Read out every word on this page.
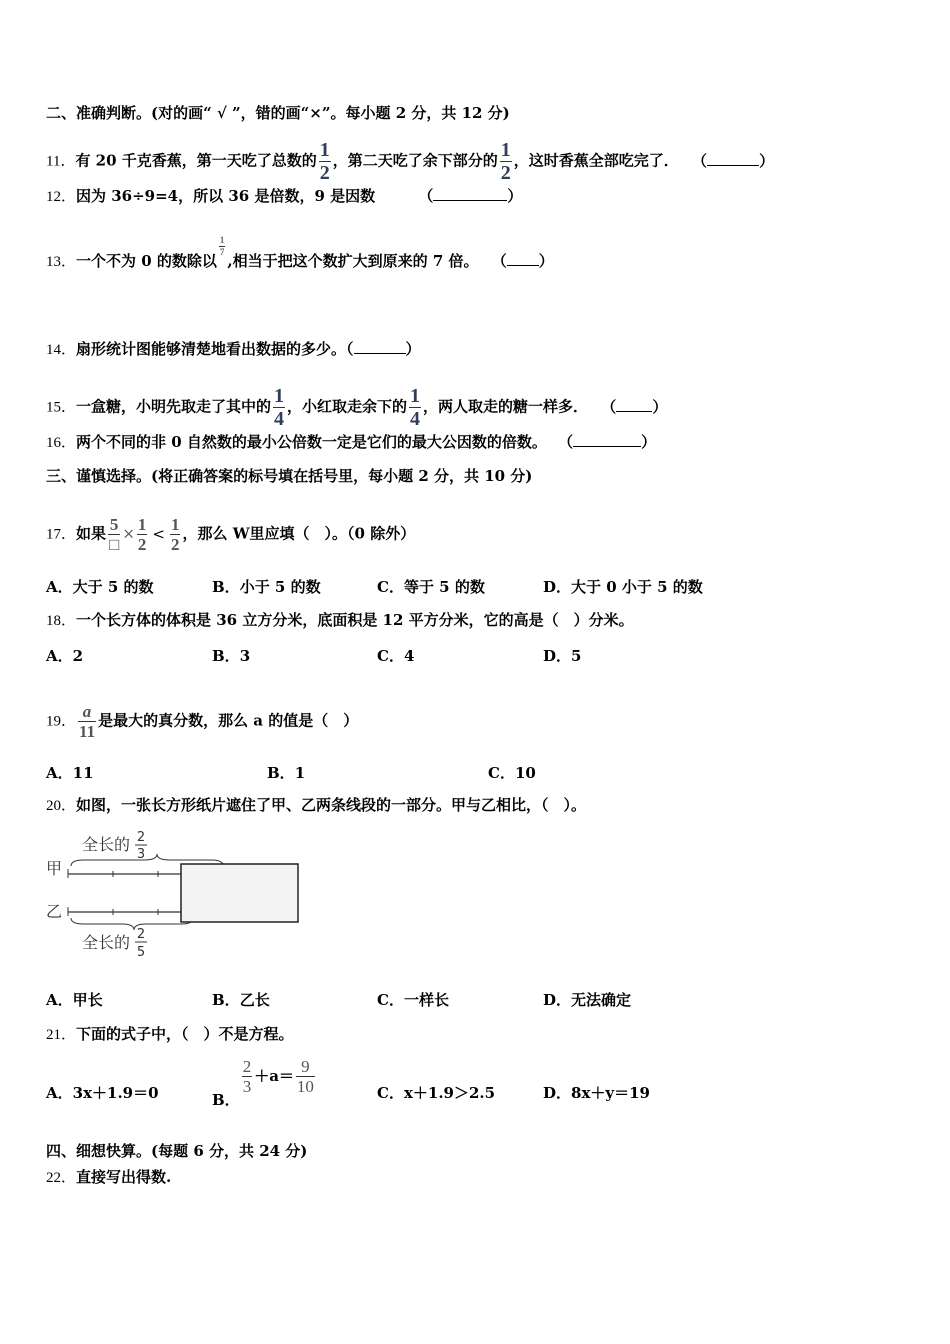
二、准确判断。(对的画“ √ ”，错的画“×”。每小题 2 分，共 12 分)
11．有 20 千克香蕉，第一天吃了总数的 $\frac{1}{2}$ ，第二天吃了余下部分的 $\frac{1}{2}$ ，这时香蕉全部吃完了． （	）
12．因为 36÷9=4，所以 36 是倍数，9 是因数	（	）
13．一个不为 0 的数除以
$\frac{1}{7}$
,相当于把这个数扩大到原来的 7 倍。 （ ）
14．扇形统计图能够清楚地看出数据的多少。（	）
15．一盒糖，小明先取走了其中的 $\frac{1}{4}$ ，小红取走余下的 $\frac{1}{4}$ ，两人取走的糖一样多． （ ）
16．两个不同的非 0 自然数的最小公倍数一定是它们的最大公因数的倍数。 （	）
三、谨慎选择。(将正确答案的标号填在括号里，每小题 2 分，共 10 分)
17．如果 $\frac{5}{□} \times \frac{1}{2} < \frac{1}{2}$ ，那么 W里应填（　）。（0 除外）
A．大于 5 的数	B．小于 5 的数	C．等于 5 的数	D．大于 0 小于 5 的数
18．一个长方体的体积是 36 立方分米，底面积是 12 平方分米，它的高是（　）分米。
A．2	B．3	C．4	D．5
19． $\frac{a}{11}$ 是最大的真分数，那么 a 的值是（　）
A．11	B．1	C．10
20．如图，一张长方形纸片遮住了甲、乙两条线段的一部分。甲与乙相比，（　）。
全长的 2
3
甲
乙
全长的 2
5
A．甲长	B．乙长	C．一样长	D．无法确定
21．下面的式子中，（　）不是方程。
A．3x＋1.9＝0	B．
$\frac{2}{3} +a= \frac{9}{10}$	C．x＋1.9＞2.5	D．8x＋y＝19
四、细想快算。(每题 6 分，共 24 分)
22．直接写出得数.
